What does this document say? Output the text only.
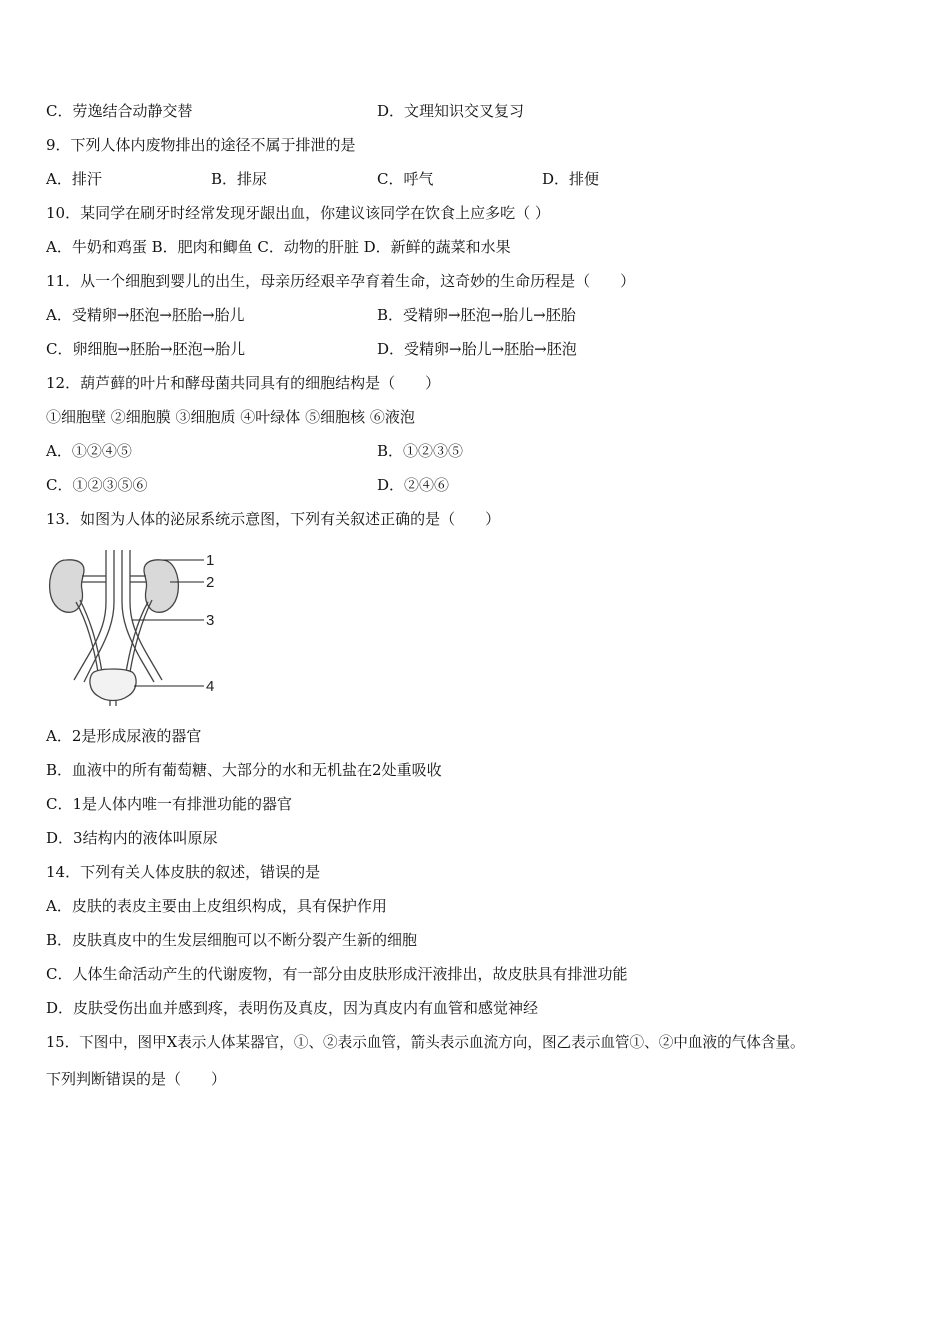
C．劳逸结合动静交替	D．文理知识交叉复习
9．下列人体内废物排出的途径不属于排泄的是
A．排汗	B．排尿	C．呼气	D．排便
10．某同学在刷牙时经常发现牙龈出血，你建议该同学在饮食上应多吃（ ）
A．牛奶和鸡蛋 B．肥肉和鲫鱼 C．动物的肝脏 D．新鲜的蔬菜和水果
11．从一个细胞到婴儿的出生，母亲历经艰辛孕育着生命，这奇妙的生命历程是（　　）
A．受精卵→胚泡→胚胎→胎儿	B．受精卵→胚泡→胎儿→胚胎
C．卵细胞→胚胎→胚泡→胎儿	D．受精卵→胎儿→胚胎→胚泡
12．葫芦藓的叶片和酵母菌共同具有的细胞结构是（　　）
①细胞壁 ②细胞膜 ③细胞质 ④叶绿体 ⑤细胞核 ⑥液泡
A．①②④⑤	B．①②③⑤
C．①②③⑤⑥	D．②④⑥
13．如图为人体的泌尿系统示意图，下列有关叙述正确的是（　　）
1
2
3
4
A．2是形成尿液的器官
B．血液中的所有葡萄糖、大部分的水和无机盐在2处重吸收
C．1是人体内唯一有排泄功能的器官
D．3结构内的液体叫原尿
14．下列有关人体皮肤的叙述，错误的是
A．皮肤的表皮主要由上皮组织构成，具有保护作用
B．皮肤真皮中的生发层细胞可以不断分裂产生新的细胞
C．人体生命活动产生的代谢废物，有一部分由皮肤形成汗液排出，故皮肤具有排泄功能
D．皮肤受伤出血并感到疼，表明伤及真皮，因为真皮内有血管和感觉神经
15．下图中，图甲X表示人体某器官，①、②表示血管，箭头表示血流方向，图乙表示血管①、②中血液的气体含量。
下列判断错误的是（　　）
